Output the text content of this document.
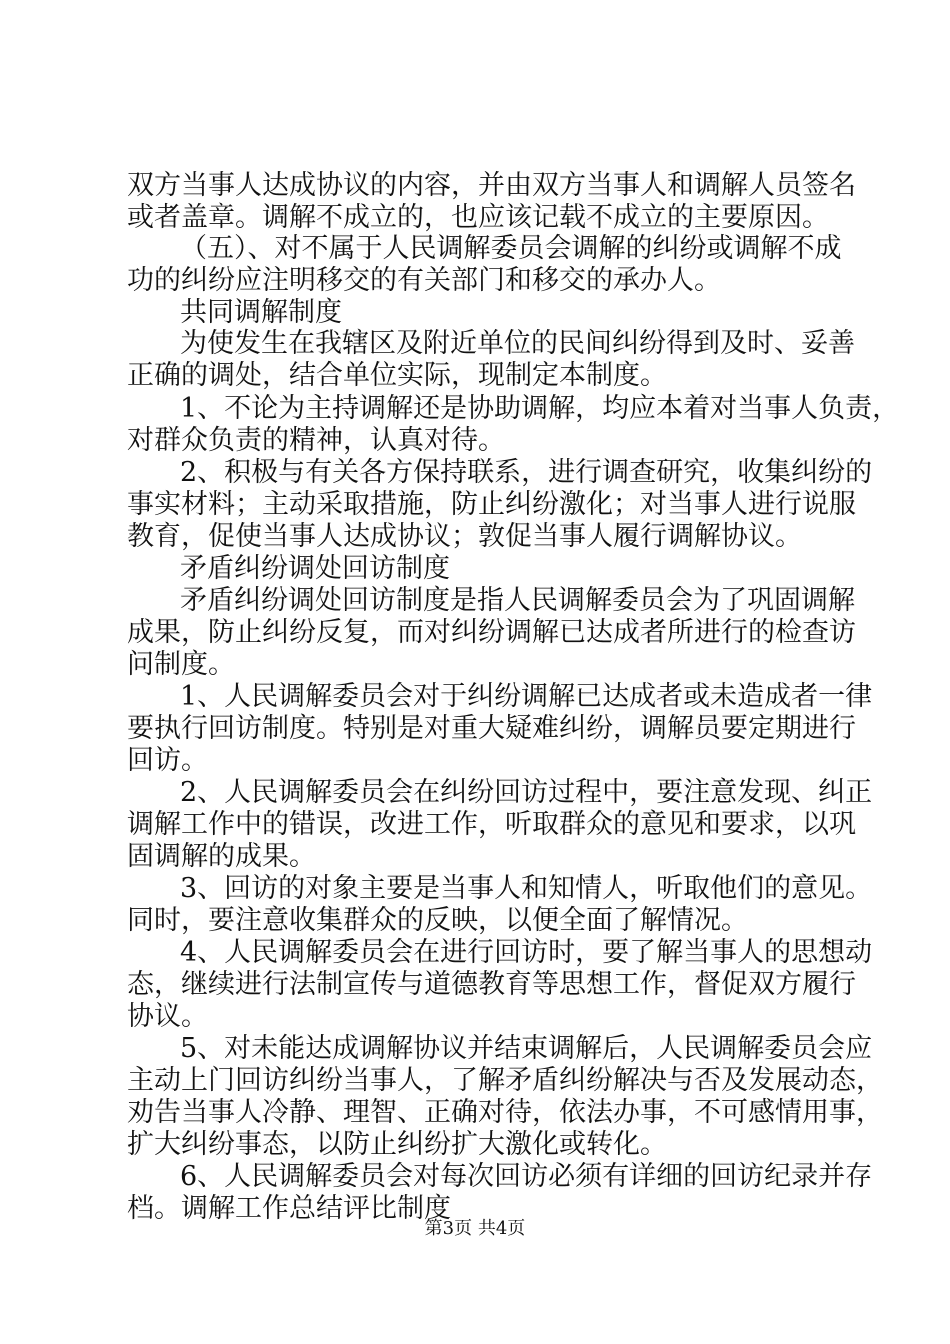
双方当事人达成协议的内容，并由双方当事人和调解人员签名
或者盖章。调解不成立的，也应该记载不成立的主要原因。
（五）、对不属于人民调解委员会调解的纠纷或调解不成
功的纠纷应注明移交的有关部门和移交的承办人。
共同调解制度
为使发生在我辖区及附近单位的民间纠纷得到及时、妥善
正确的调处，结合单位实际，现制定本制度。
1、不论为主持调解还是协助调解，均应本着对当事人负责，
对群众负责的精神，认真对待。
2、积极与有关各方保持联系，进行调查研究，收集纠纷的
事实材料；主动采取措施，防止纠纷激化；对当事人进行说服
教育，促使当事人达成协议；敦促当事人履行调解协议。
矛盾纠纷调处回访制度
矛盾纠纷调处回访制度是指人民调解委员会为了巩固调解
成果，防止纠纷反复，而对纠纷调解已达成者所进行的检查访
问制度。
1、人民调解委员会对于纠纷调解已达成者或未造成者一律
要执行回访制度。特别是对重大疑难纠纷，调解员要定期进行
回访。
2、人民调解委员会在纠纷回访过程中，要注意发现、纠正
调解工作中的错误，改进工作，听取群众的意见和要求，以巩
固调解的成果。
3、回访的对象主要是当事人和知情人，听取他们的意见。
同时，要注意收集群众的反映，以便全面了解情况。
4、人民调解委员会在进行回访时，要了解当事人的思想动
态，继续进行法制宣传与道德教育等思想工作，督促双方履行
协议。
5、对未能达成调解协议并结束调解后，人民调解委员会应
主动上门回访纠纷当事人，了解矛盾纠纷解决与否及发展动态，
劝告当事人冷静、理智、正确对待，依法办事，不可感情用事，
扩大纠纷事态，以防止纠纷扩大激化或转化。
6、人民调解委员会对每次回访必须有详细的回访纪录并存
档。调解工作总结评比制度
第3页 共4页
